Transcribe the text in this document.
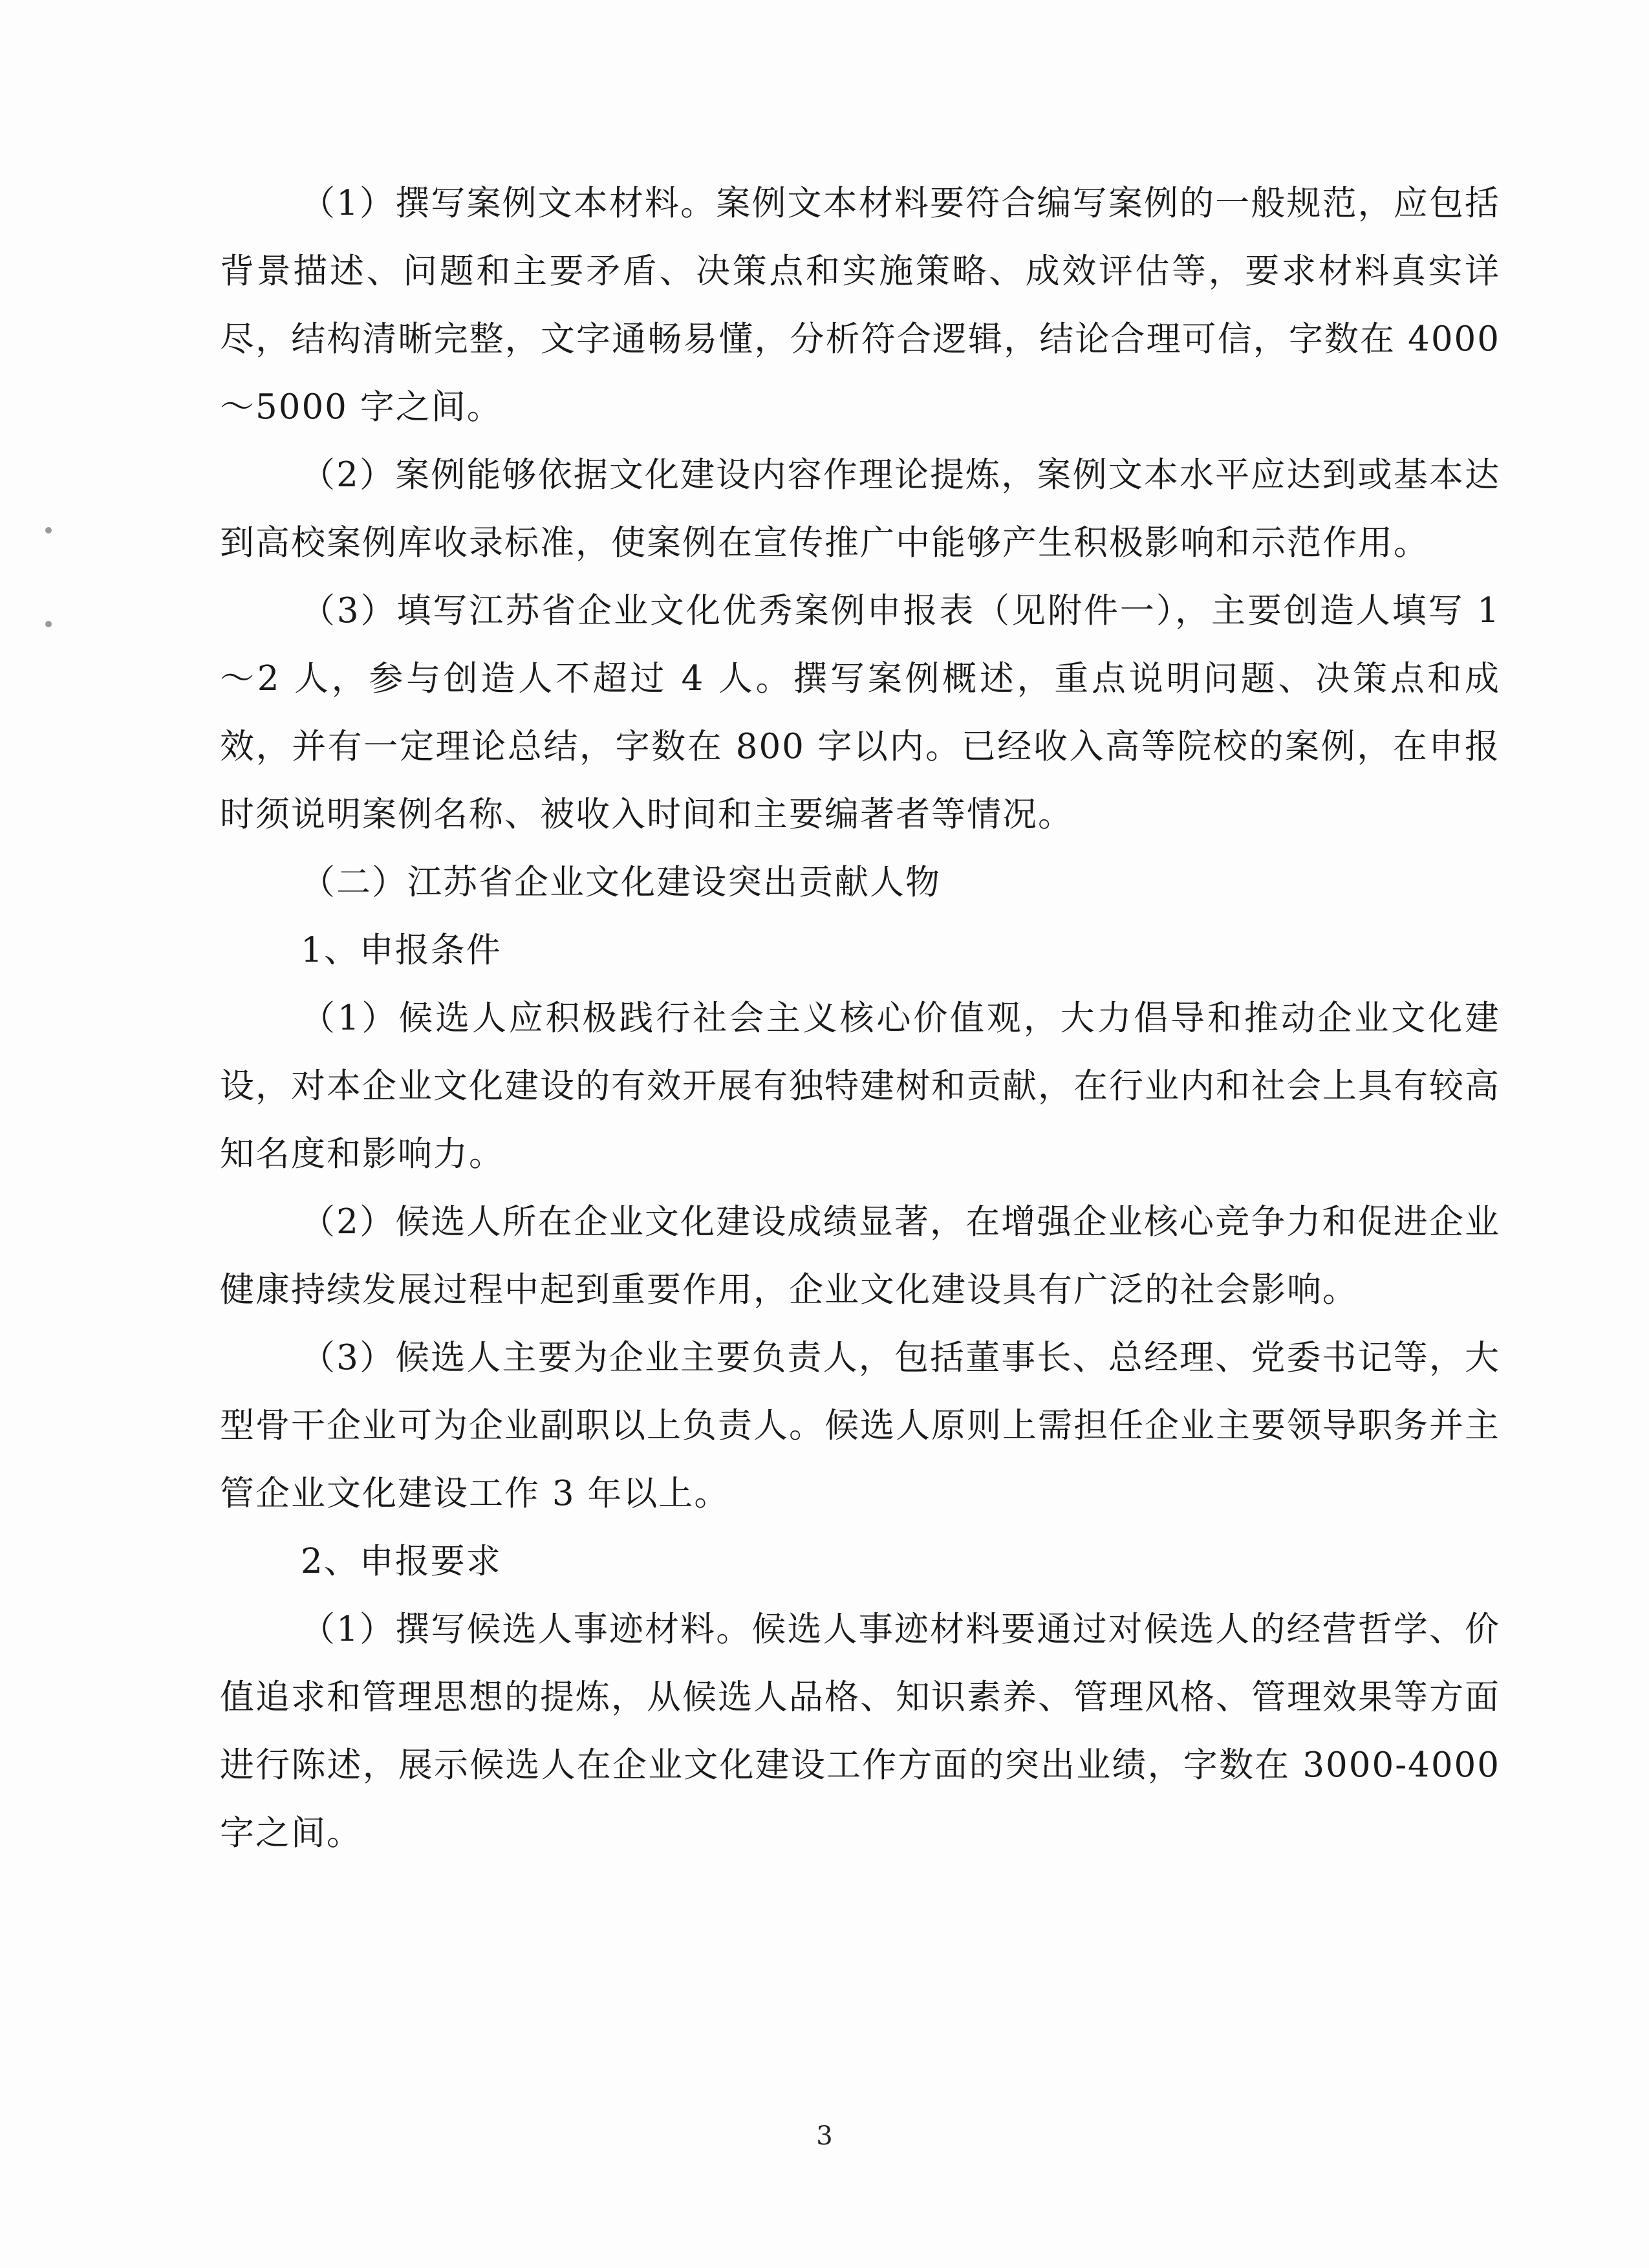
（1）撰写案例文本材料。案例文本材料要符合编写案例的一般规范，应包括背景描述、问题和主要矛盾、决策点和实施策略、成效评估等，要求材料真实详尽，结构清晰完整，文字通畅易懂，分析符合逻辑，结论合理可信，字数在 4000～5000 字之间。

（2）案例能够依据文化建设内容作理论提炼，案例文本水平应达到或基本达到高校案例库收录标准，使案例在宣传推广中能够产生积极影响和示范作用。

（3）填写江苏省企业文化优秀案例申报表（见附件一），主要创造人填写 1～2 人，参与创造人不超过 4 人。撰写案例概述，重点说明问题、决策点和成效，并有一定理论总结，字数在 800 字以内。已经收入高等院校的案例，在申报时须说明案例名称、被收入时间和主要编著者等情况。

（二）江苏省企业文化建设突出贡献人物

1、申报条件

（1）候选人应积极践行社会主义核心价值观，大力倡导和推动企业文化建设，对本企业文化建设的有效开展有独特建树和贡献，在行业内和社会上具有较高知名度和影响力。

（2）候选人所在企业文化建设成绩显著，在增强企业核心竞争力和促进企业健康持续发展过程中起到重要作用，企业文化建设具有广泛的社会影响。

（3）候选人主要为企业主要负责人，包括董事长、总经理、党委书记等，大型骨干企业可为企业副职以上负责人。候选人原则上需担任企业主要领导职务并主管企业文化建设工作 3 年以上。

2、申报要求

（1）撰写候选人事迹材料。候选人事迹材料要通过对候选人的经营哲学、价值追求和管理思想的提炼，从候选人品格、知识素养、管理风格、管理效果等方面进行陈述，展示候选人在企业文化建设工作方面的突出业绩，字数在 3000-4000 字之间。

3
